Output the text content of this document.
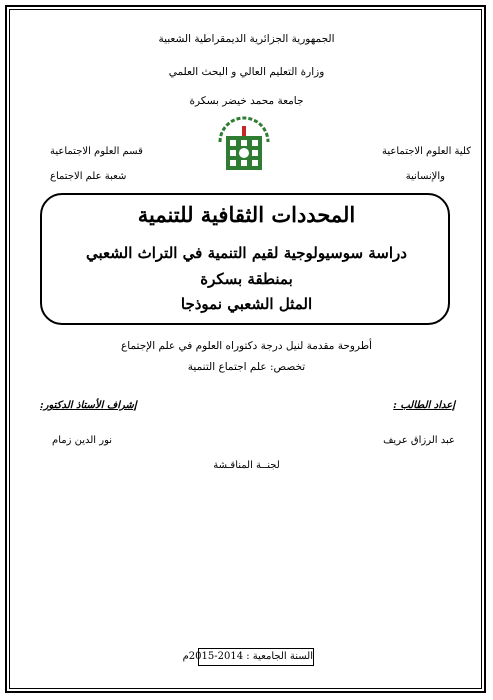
الجمهورية الجزائرية الديمقراطية الشعبية
وزارة التعليم العالي و البحث العلمي
جامعة محمد خيضر بسكرة
كلية العلوم الاجتماعية
والإنسانية
قسم العلوم الاجتماعية
شعبة علم الاجتماع
المحددات الثقافية للتنمية
دراسة سوسيولوجية لقيم التنمية في التراث الشعبي
بمنطقة بسكرة
المثل الشعبي نموذجا
أطروحة مقدمة لنيل درجة دكتوراه العلوم في علم الإجتماع
تخصص: علم اجتماع التنمية
إعداد الطالب :
إشراف الأستاذ الدكتور:
عبد الرزاق عريف
نور الدين زمام
لجنــة المناقـشة
السنة الجامعية : 2014-2015م
